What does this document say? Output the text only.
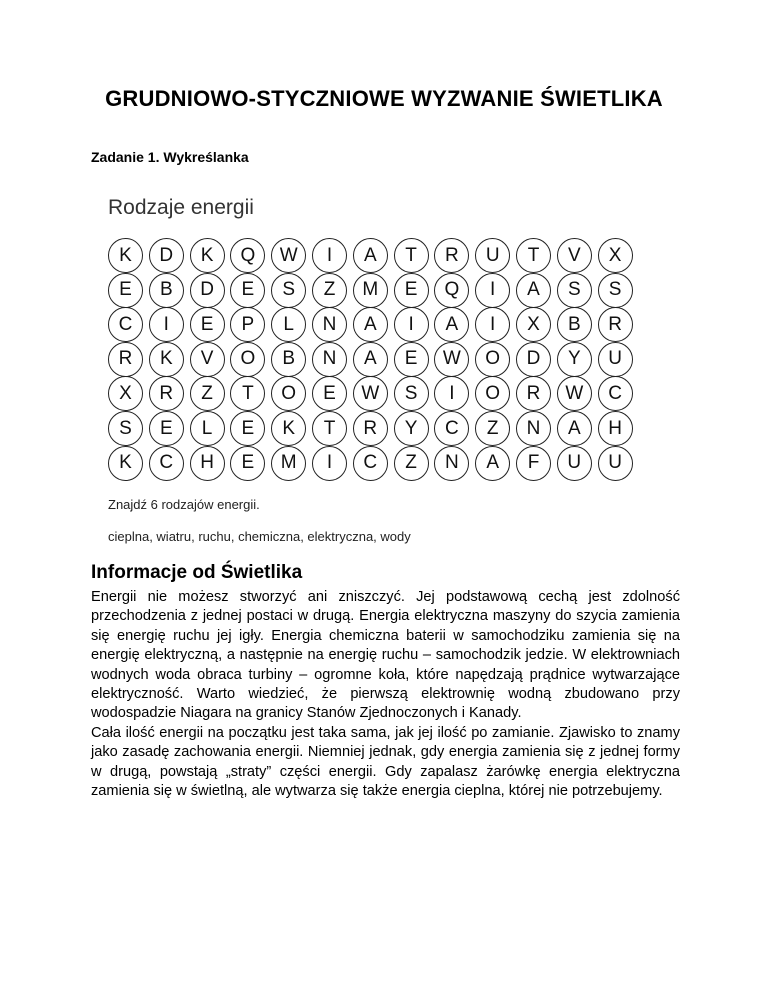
GRUDNIOWO-STYCZNIOWE WYZWANIE ŚWIETLIKA
Zadanie 1. Wykreślanka
Rodzaje energii
K	D	K	Q	W	I	A	T	R	U	T	V	X
E	B	D	E	S	Z	M	E	Q	I	A	S	S
C	I	E	P	L	N	A	I	A	I	X	B	R
R	K	V	O	B	N	A	E	W	O	D	Y	U
X	R	Z	T	O	E	W	S	I	O	R	W	C
S	E	L	E	K	T	R	Y	C	Z	N	A	H
K	C	H	E	M	I	C	Z	N	A	F	U	U
Znajdź 6 rodzajów energii.
cieplna, wiatru, ruchu, chemiczna, elektryczna, wody
Informacje od Świetlika

Energii nie możesz stworzyć ani zniszczyć. Jej podstawową cechą jest zdolność przechodzenia z jednej postaci w drugą. Energia elektryczna maszyny do szycia zamienia się energię ruchu jej igły. Energia chemiczna baterii w samochodziku zamienia się na energię elektryczną, a następnie na energię ruchu – samochodzik jedzie. W elektrowniach wodnych woda obraca turbiny – ogromne koła, które napędzają prądnice wytwarzające elektryczność. Warto wiedzieć, że pierwszą elektrownię wodną zbudowano przy wodospadzie Niagara na granicy Stanów Zjednoczonych i Kanady.

Cała ilość energii na początku jest taka sama, jak jej ilość po zamianie. Zjawisko to znamy jako zasadę zachowania energii. Niemniej jednak, gdy energia zamienia się z jednej formy w drugą, powstają „straty” części energii. Gdy zapalasz żarówkę energia elektryczna zamienia się w świetlną, ale wytwarza się także energia cieplna, której nie potrzebujemy.
